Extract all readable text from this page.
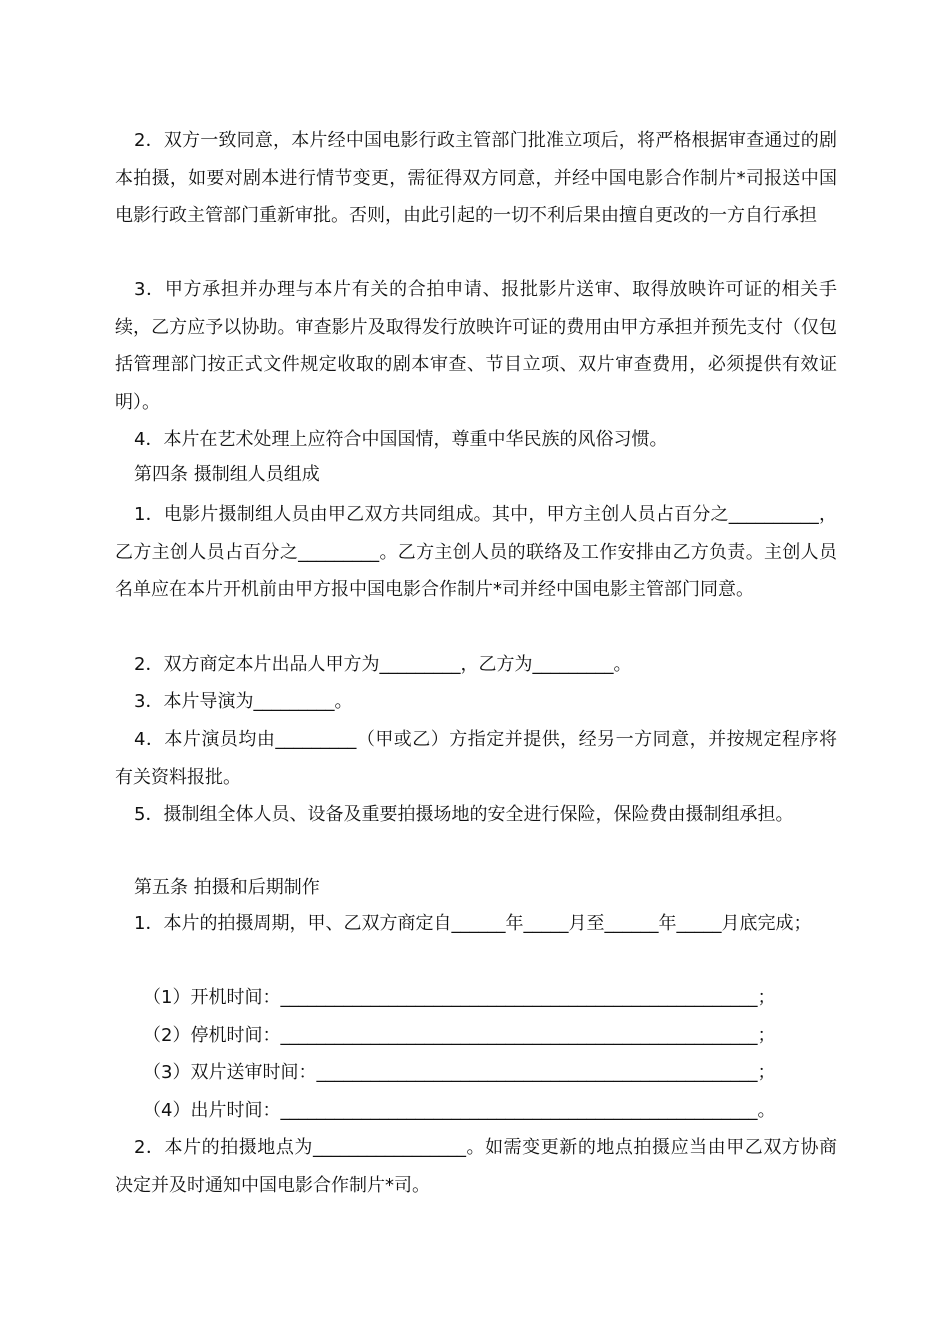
2．双方一致同意，本片经中国电影行政主管部门批准立项后，将严格根据审查通过的剧本拍摄，如要对剧本进行情节变更，需征得双方同意，并经中国电影合作制片*司报送中国电影行政主管部门重新审批。否则，由此引起的一切不利后果由擅自更改的一方自行承担

3．甲方承担并办理与本片有关的合拍申请、报批影片送审、取得放映许可证的相关手续，乙方应予以协助。审查影片及取得发行放映许可证的费用由甲方承担并预先支付（仅包括管理部门按正式文件规定收取的剧本审查、节目立项、双片审查费用，必须提供有效证明）。

4．本片在艺术处理上应符合中国国情，尊重中华民族的风俗习惯。

第四条 摄制组人员组成

1．电影片摄制组人员由甲乙双方共同组成。其中，甲方主创人员占百分之__________，乙方主创人员占百分之_________。乙方主创人员的联络及工作安排由乙方负责。主创人员名单应在本片开机前由甲方报中国电影合作制片*司并经中国电影主管部门同意。

2．双方商定本片出品人甲方为_________，乙方为_________。

3．本片导演为_________。

4．本片演员均由_________（甲或乙）方指定并提供，经另一方同意，并按规定程序将有关资料报批。

5．摄制组全体人员、设备及重要拍摄场地的安全进行保险，保险费由摄制组承担。

第五条 拍摄和后期制作
1．本片的拍摄周期，甲、乙双方商定自______年_____月至______年_____月底完成；
（1）开机时间：_____________________________________________________；
（2）停机时间：_____________________________________________________；
（3）双片送审时间：_________________________________________________；
（4）出片时间：_____________________________________________________。

2．本片的拍摄地点为_________________。如需变更新的地点拍摄应当由甲乙双方协商决定并及时通知中国电影合作制片*司。
